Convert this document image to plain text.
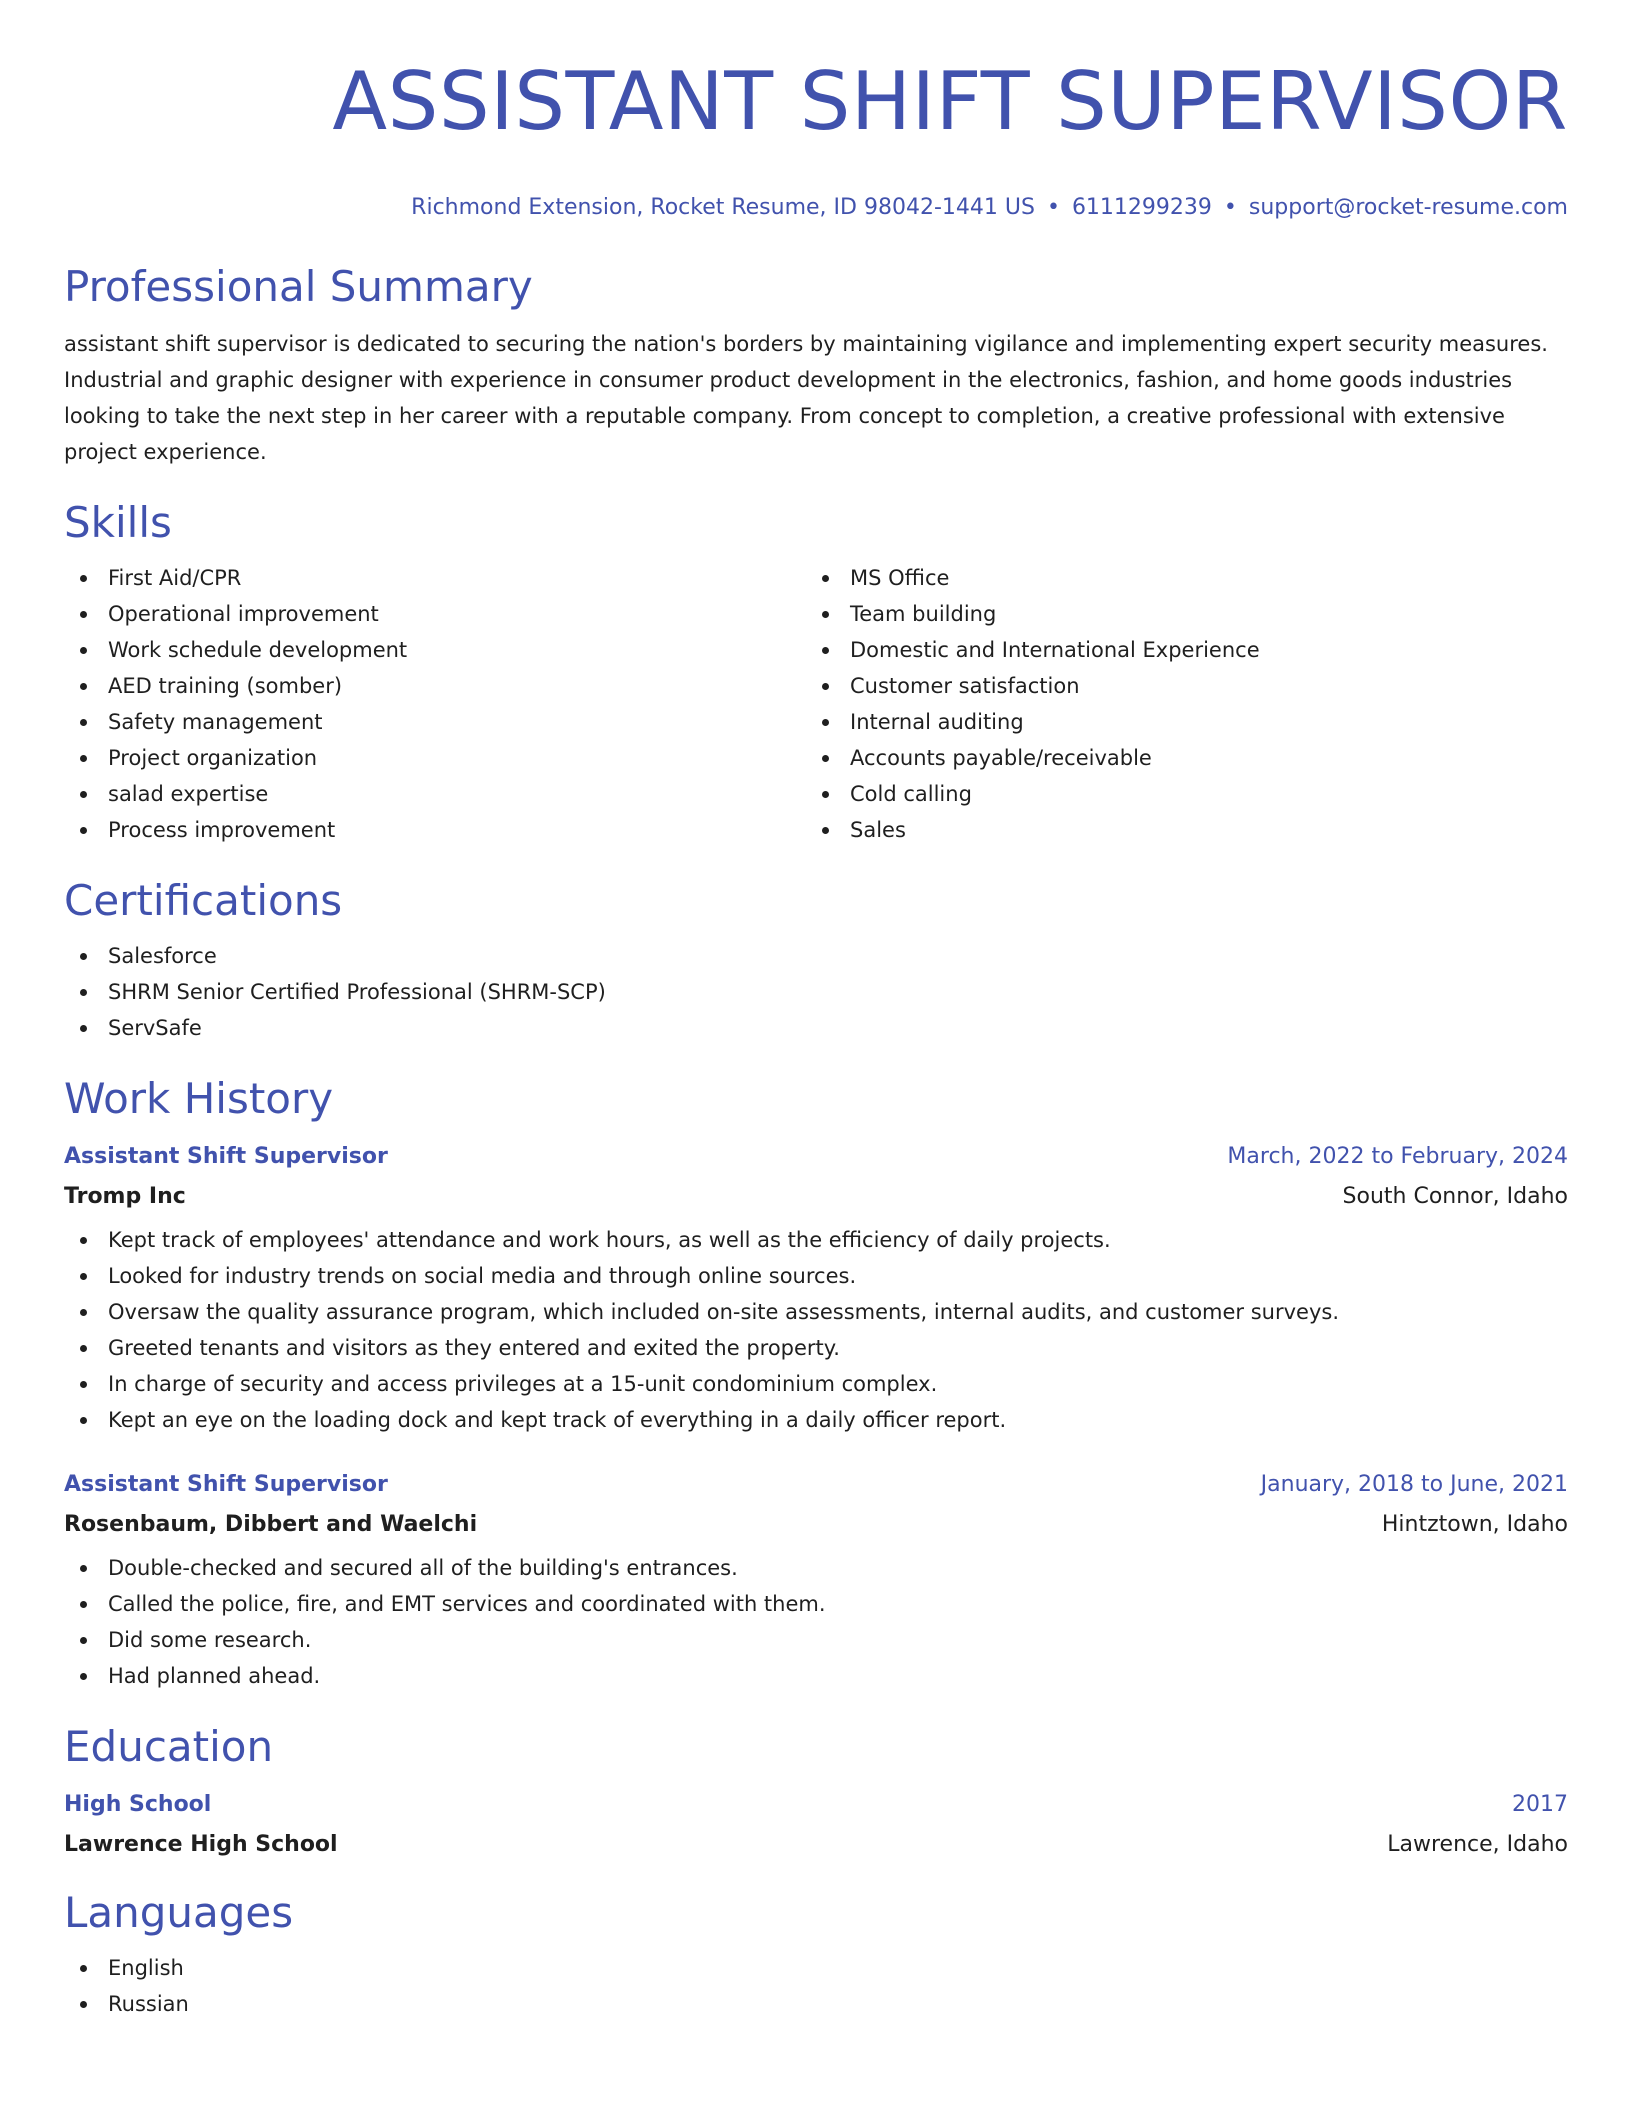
ASSISTANT SHIFT SUPERVISOR
Richmond Extension, Rocket Resume, ID 98042-1441 US • 6111299239 • support@rocket-resume.com
Professional Summary

assistant shift supervisor is dedicated to securing the nation's borders by maintaining vigilance and implementing expert security measures. Industrial and graphic designer with experience in consumer product development in the electronics, fashion, and home goods industries looking to take the next step in her career with a reputable company. From concept to completion, a creative professional with extensive project experience.

Skills
First Aid/CPR
Operational improvement
Work schedule development
AED training (somber)
Safety management
Project organization
salad expertise
Process improvement
MS Office
Team building
Domestic and International Experience
Customer satisfaction
Internal auditing
Accounts payable/receivable
Cold calling
Sales
Certifications
Salesforce
SHRM Senior Certified Professional (SHRM-SCP)
ServSafe
Work History
Assistant Shift Supervisor	March, 2022 to February, 2024
Tromp Inc	South Connor, Idaho
Kept track of employees' attendance and work hours, as well as the efficiency of daily projects.
Looked for industry trends on social media and through online sources.
Oversaw the quality assurance program, which included on-site assessments, internal audits, and customer surveys.
Greeted tenants and visitors as they entered and exited the property.
In charge of security and access privileges at a 15-unit condominium complex.
Kept an eye on the loading dock and kept track of everything in a daily officer report.
Assistant Shift Supervisor	January, 2018 to June, 2021
Rosenbaum, Dibbert and Waelchi	Hintztown, Idaho
Double-checked and secured all of the building's entrances.
Called the police, fire, and EMT services and coordinated with them.
Did some research.
Had planned ahead.
Education
High School	2017
Lawrence High School	Lawrence, Idaho
Languages
English
Russian
